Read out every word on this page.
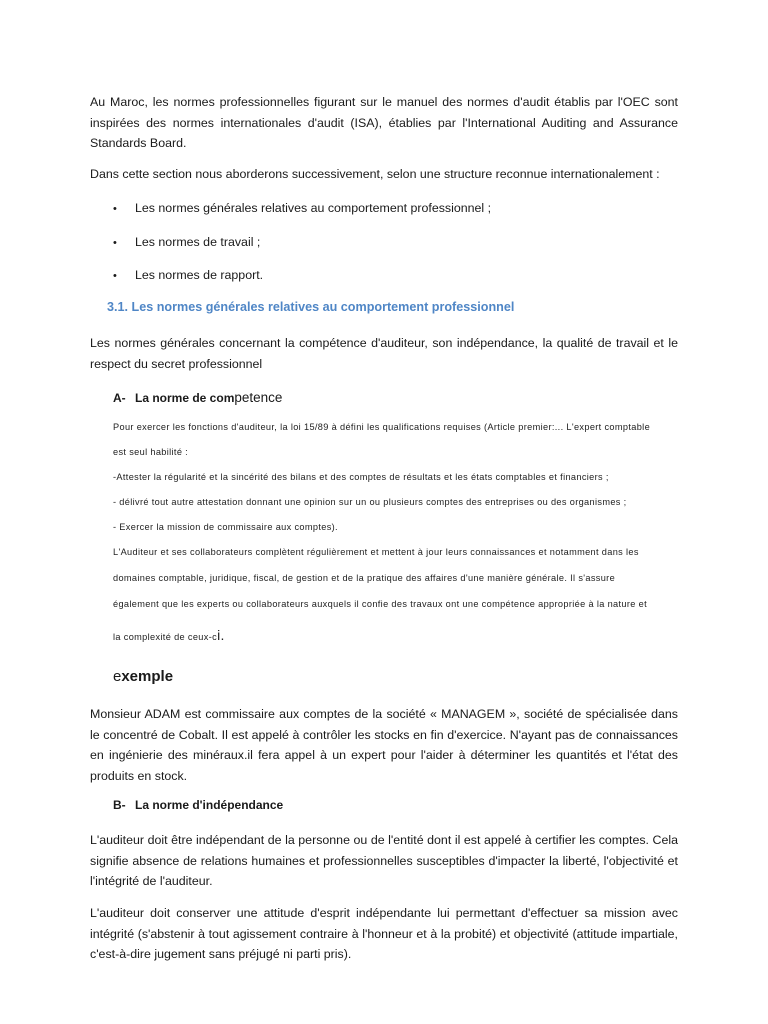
Au Maroc, les normes professionnelles figurant sur le manuel des normes d'audit établis par l'OEC sont inspirées des normes internationales d'audit (ISA), établies par l'International Auditing and Assurance Standards Board.

Dans cette section nous aborderons successivement, selon une structure reconnue internationalement :

• Les normes générales relatives au comportement professionnel ;
• Les normes de travail ;
• Les normes de rapport.
3.1. Les normes générales relatives au comportement professionnel

Les normes générales concernant la compétence d'auditeur, son indépendance, la qualité de travail et le respect du secret professionnel

A- La norme de competence

Pour exercer les fonctions d'auditeur, la loi 15/89 à défini les qualifications requises (Article premier:... L'expert comptable

est seul habilité :

-Attester la régularité et la sincérité des bilans et des comptes de résultats et les états comptables et financiers ;

- délivré tout autre attestation donnant une opinion sur un ou plusieurs comptes des entreprises ou des organismes ;

- Exercer la mission de commissaire aux comptes).

L'Auditeur et ses collaborateurs complètent régulièrement et mettent à jour leurs connaissances et notamment dans les

domaines comptable, juridique, fiscal, de gestion et de la pratique des affaires d'une manière générale. Il s'assure

également que les experts ou collaborateurs auxquels il confie des travaux ont une compétence appropriée à la nature et

la complexité de ceux-ci.

exemple

Monsieur ADAM est commissaire aux comptes de la société « MANAGEM », société de spécialisée dans le concentré de Cobalt. Il est appelé à contrôler les stocks en fin d'exercice. N'ayant pas de connaissances en ingénierie des minéraux.il fera appel à un expert pour l'aider à déterminer les quantités et l'état des produits en stock.

B- La norme d'indépendance

L'auditeur doit être indépendant de la personne ou de l'entité dont il est appelé à certifier les comptes. Cela signifie absence de relations humaines et professionnelles susceptibles d'impacter la liberté, l'objectivité et l'intégrité de l'auditeur.

L'auditeur doit conserver une attitude d'esprit indépendante lui permettant d'effectuer sa mission avec intégrité (s'abstenir à tout agissement contraire à l'honneur et à la probité) et objectivité (attitude impartiale, c'est-à-dire jugement sans préjugé ni parti pris).
